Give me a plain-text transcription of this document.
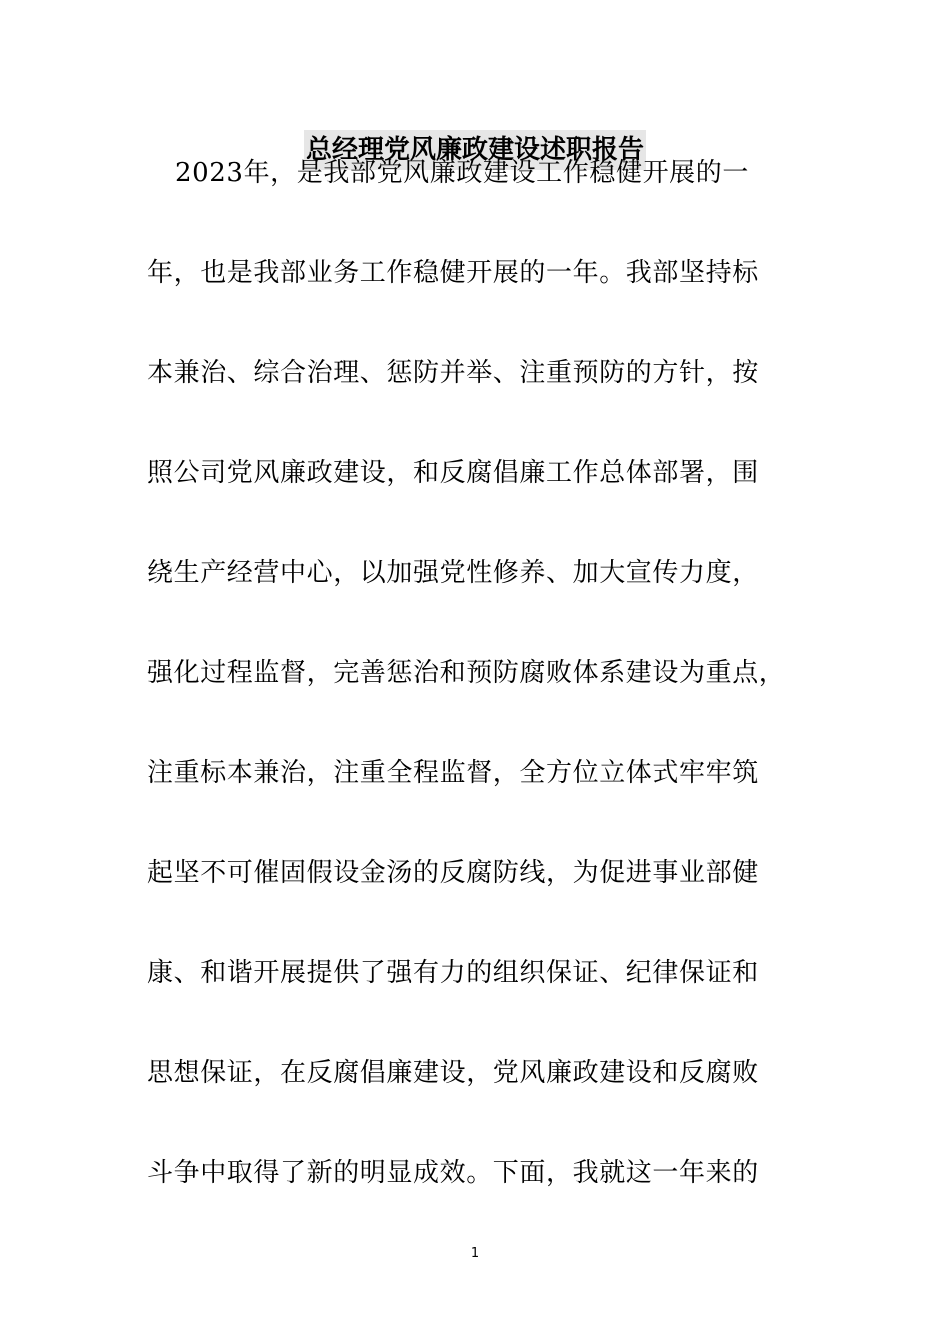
总经理党风廉政建设述职报告
2023年，是我部党风廉政建设工作稳健开展的一
年，也是我部业务工作稳健开展的一年。我部坚持标
本兼治、综合治理、惩防并举、注重预防的方针，按
照公司党风廉政建设，和反腐倡廉工作总体部署，围
绕生产经营中心，以加强党性修养、加大宣传力度，
强化过程监督，完善惩治和预防腐败体系建设为重点，
注重标本兼治，注重全程监督，全方位立体式牢牢筑
起坚不可催固假设金汤的反腐防线，为促进事业部健
康、和谐开展提供了强有力的组织保证、纪律保证和
思想保证，在反腐倡廉建设，党风廉政建设和反腐败
斗争中取得了新的明显成效。下面，我就这一年来的
1
